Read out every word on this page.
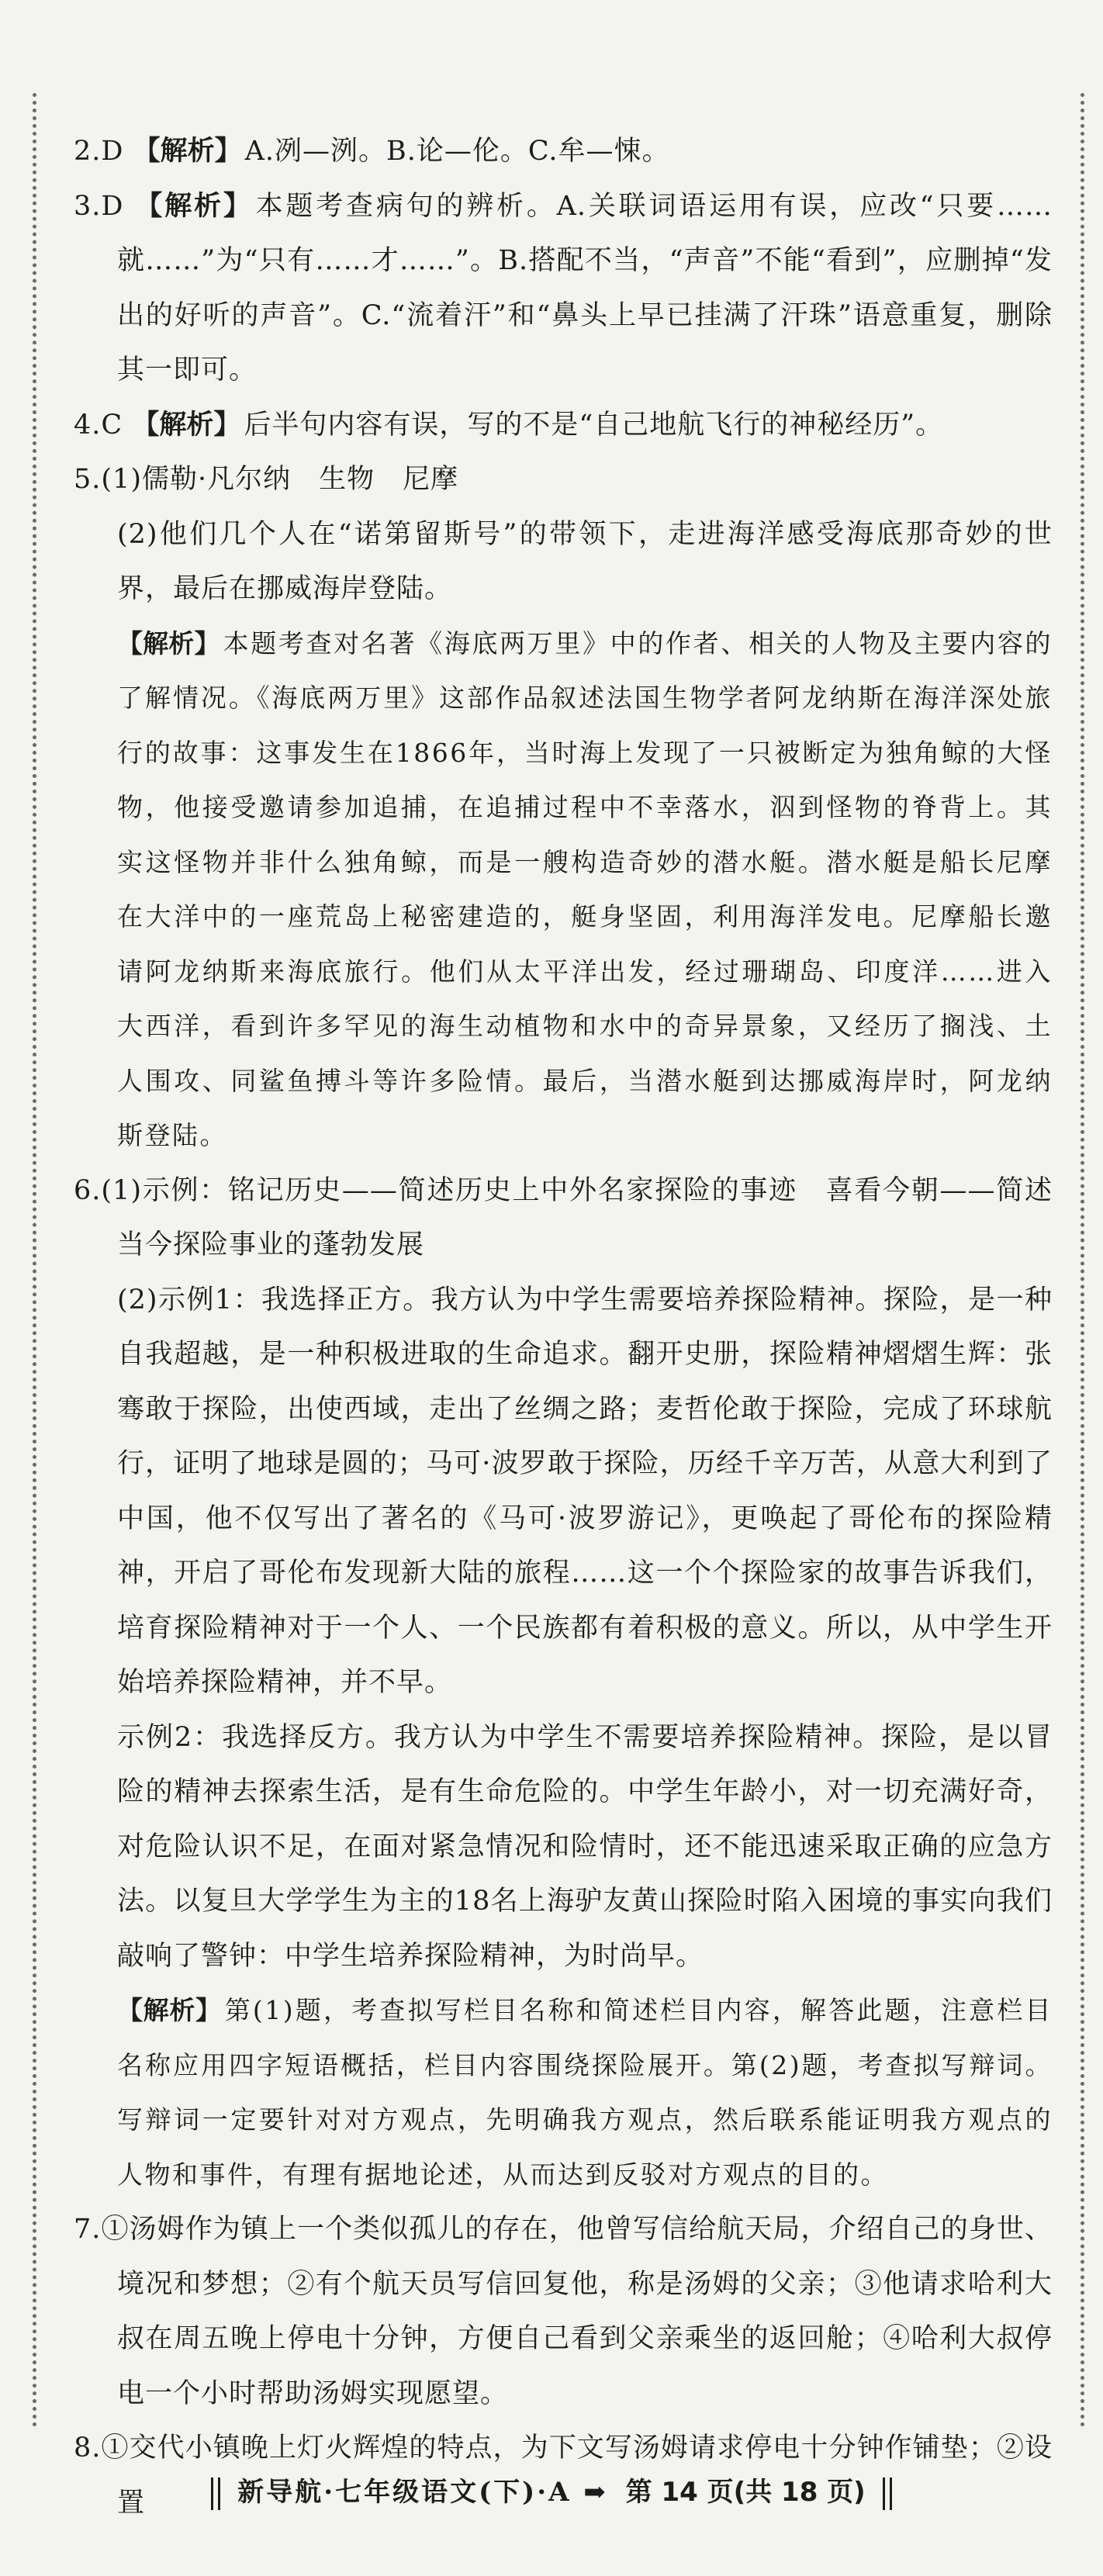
2.D 【解析】 A.冽—洌。B.论—伦。C.牟—悚。

3.D 【解析】 本题考查病句的辨析。A.关联词语运用有误，应改“只要……就……”为“只有……才……”。B.搭配不当，“声音”不能“看到”，应删掉“发出的好听的声音”。C.“流着汗”和“鼻头上早已挂满了汗珠”语意重复，删除其一即可。

4.C 【解析】 后半句内容有误，写的不是“自己地航飞行的神秘经历”。

5.(1)儒勒·凡尔纳　生物　尼摩

(2)他们几个人在“诺第留斯号”的带领下，走进海洋感受海底那奇妙的世界，最后在挪威海岸登陆。

【解析】 本题考查对名著《海底两万里》中的作者、相关的人物及主要内容的了解情况。《海底两万里》这部作品叙述法国生物学者阿龙纳斯在海洋深处旅行的故事：这事发生在1866年，当时海上发现了一只被断定为独角鲸的大怪物，他接受邀请参加追捕，在追捕过程中不幸落水，泅到怪物的脊背上。其实这怪物并非什么独角鲸，而是一艘构造奇妙的潜水艇。潜水艇是船长尼摩在大洋中的一座荒岛上秘密建造的，艇身坚固，利用海洋发电。尼摩船长邀请阿龙纳斯来海底旅行。他们从太平洋出发，经过珊瑚岛、印度洋……进入大西洋，看到许多罕见的海生动植物和水中的奇异景象，又经历了搁浅、土人围攻、同鲨鱼搏斗等许多险情。最后，当潜水艇到达挪威海岸时，阿龙纳斯登陆。

6.(1)示例：铭记历史——简述历史上中外名家探险的事迹　喜看今朝——简述当今探险事业的蓬勃发展

(2)示例1：我选择正方。我方认为中学生需要培养探险精神。探险，是一种自我超越，是一种积极进取的生命追求。翻开史册，探险精神熠熠生辉：张骞敢于探险，出使西域，走出了丝绸之路；麦哲伦敢于探险，完成了环球航行，证明了地球是圆的；马可·波罗敢于探险，历经千辛万苦，从意大利到了中国，他不仅写出了著名的《马可·波罗游记》，更唤起了哥伦布的探险精神，开启了哥伦布发现新大陆的旅程……这一个个探险家的故事告诉我们，培育探险精神对于一个人、一个民族都有着积极的意义。所以，从中学生开始培养探险精神，并不早。

示例2：我选择反方。我方认为中学生不需要培养探险精神。探险，是以冒险的精神去探索生活，是有生命危险的。中学生年龄小，对一切充满好奇，对危险认识不足，在面对紧急情况和险情时，还不能迅速采取正确的应急方法。以复旦大学学生为主的18名上海驴友黄山探险时陷入困境的事实向我们敲响了警钟：中学生培养探险精神，为时尚早。

【解析】 第(1)题，考查拟写栏目名称和简述栏目内容，解答此题，注意栏目名称应用四字短语概括，栏目内容围绕探险展开。第(2)题，考查拟写辩词。写辩词一定要针对对方观点，先明确我方观点，然后联系能证明我方观点的人物和事件，有理有据地论述，从而达到反驳对方观点的目的。

7.①汤姆作为镇上一个类似孤儿的存在，他曾写信给航天局，介绍自己的身世、境况和梦想；②有个航天员写信回复他，称是汤姆的父亲；③他请求哈利大叔在周五晚上停电十分钟，方便自己看到父亲乘坐的返回舱；④哈利大叔停电一个小时帮助汤姆实现愿望。

8.①交代小镇晚上灯火辉煌的特点，为下文写汤姆请求停电十分钟作铺垫；②设置	新导航·七年级语文(下)·A ➡ 第 14 页(共 18 页)
